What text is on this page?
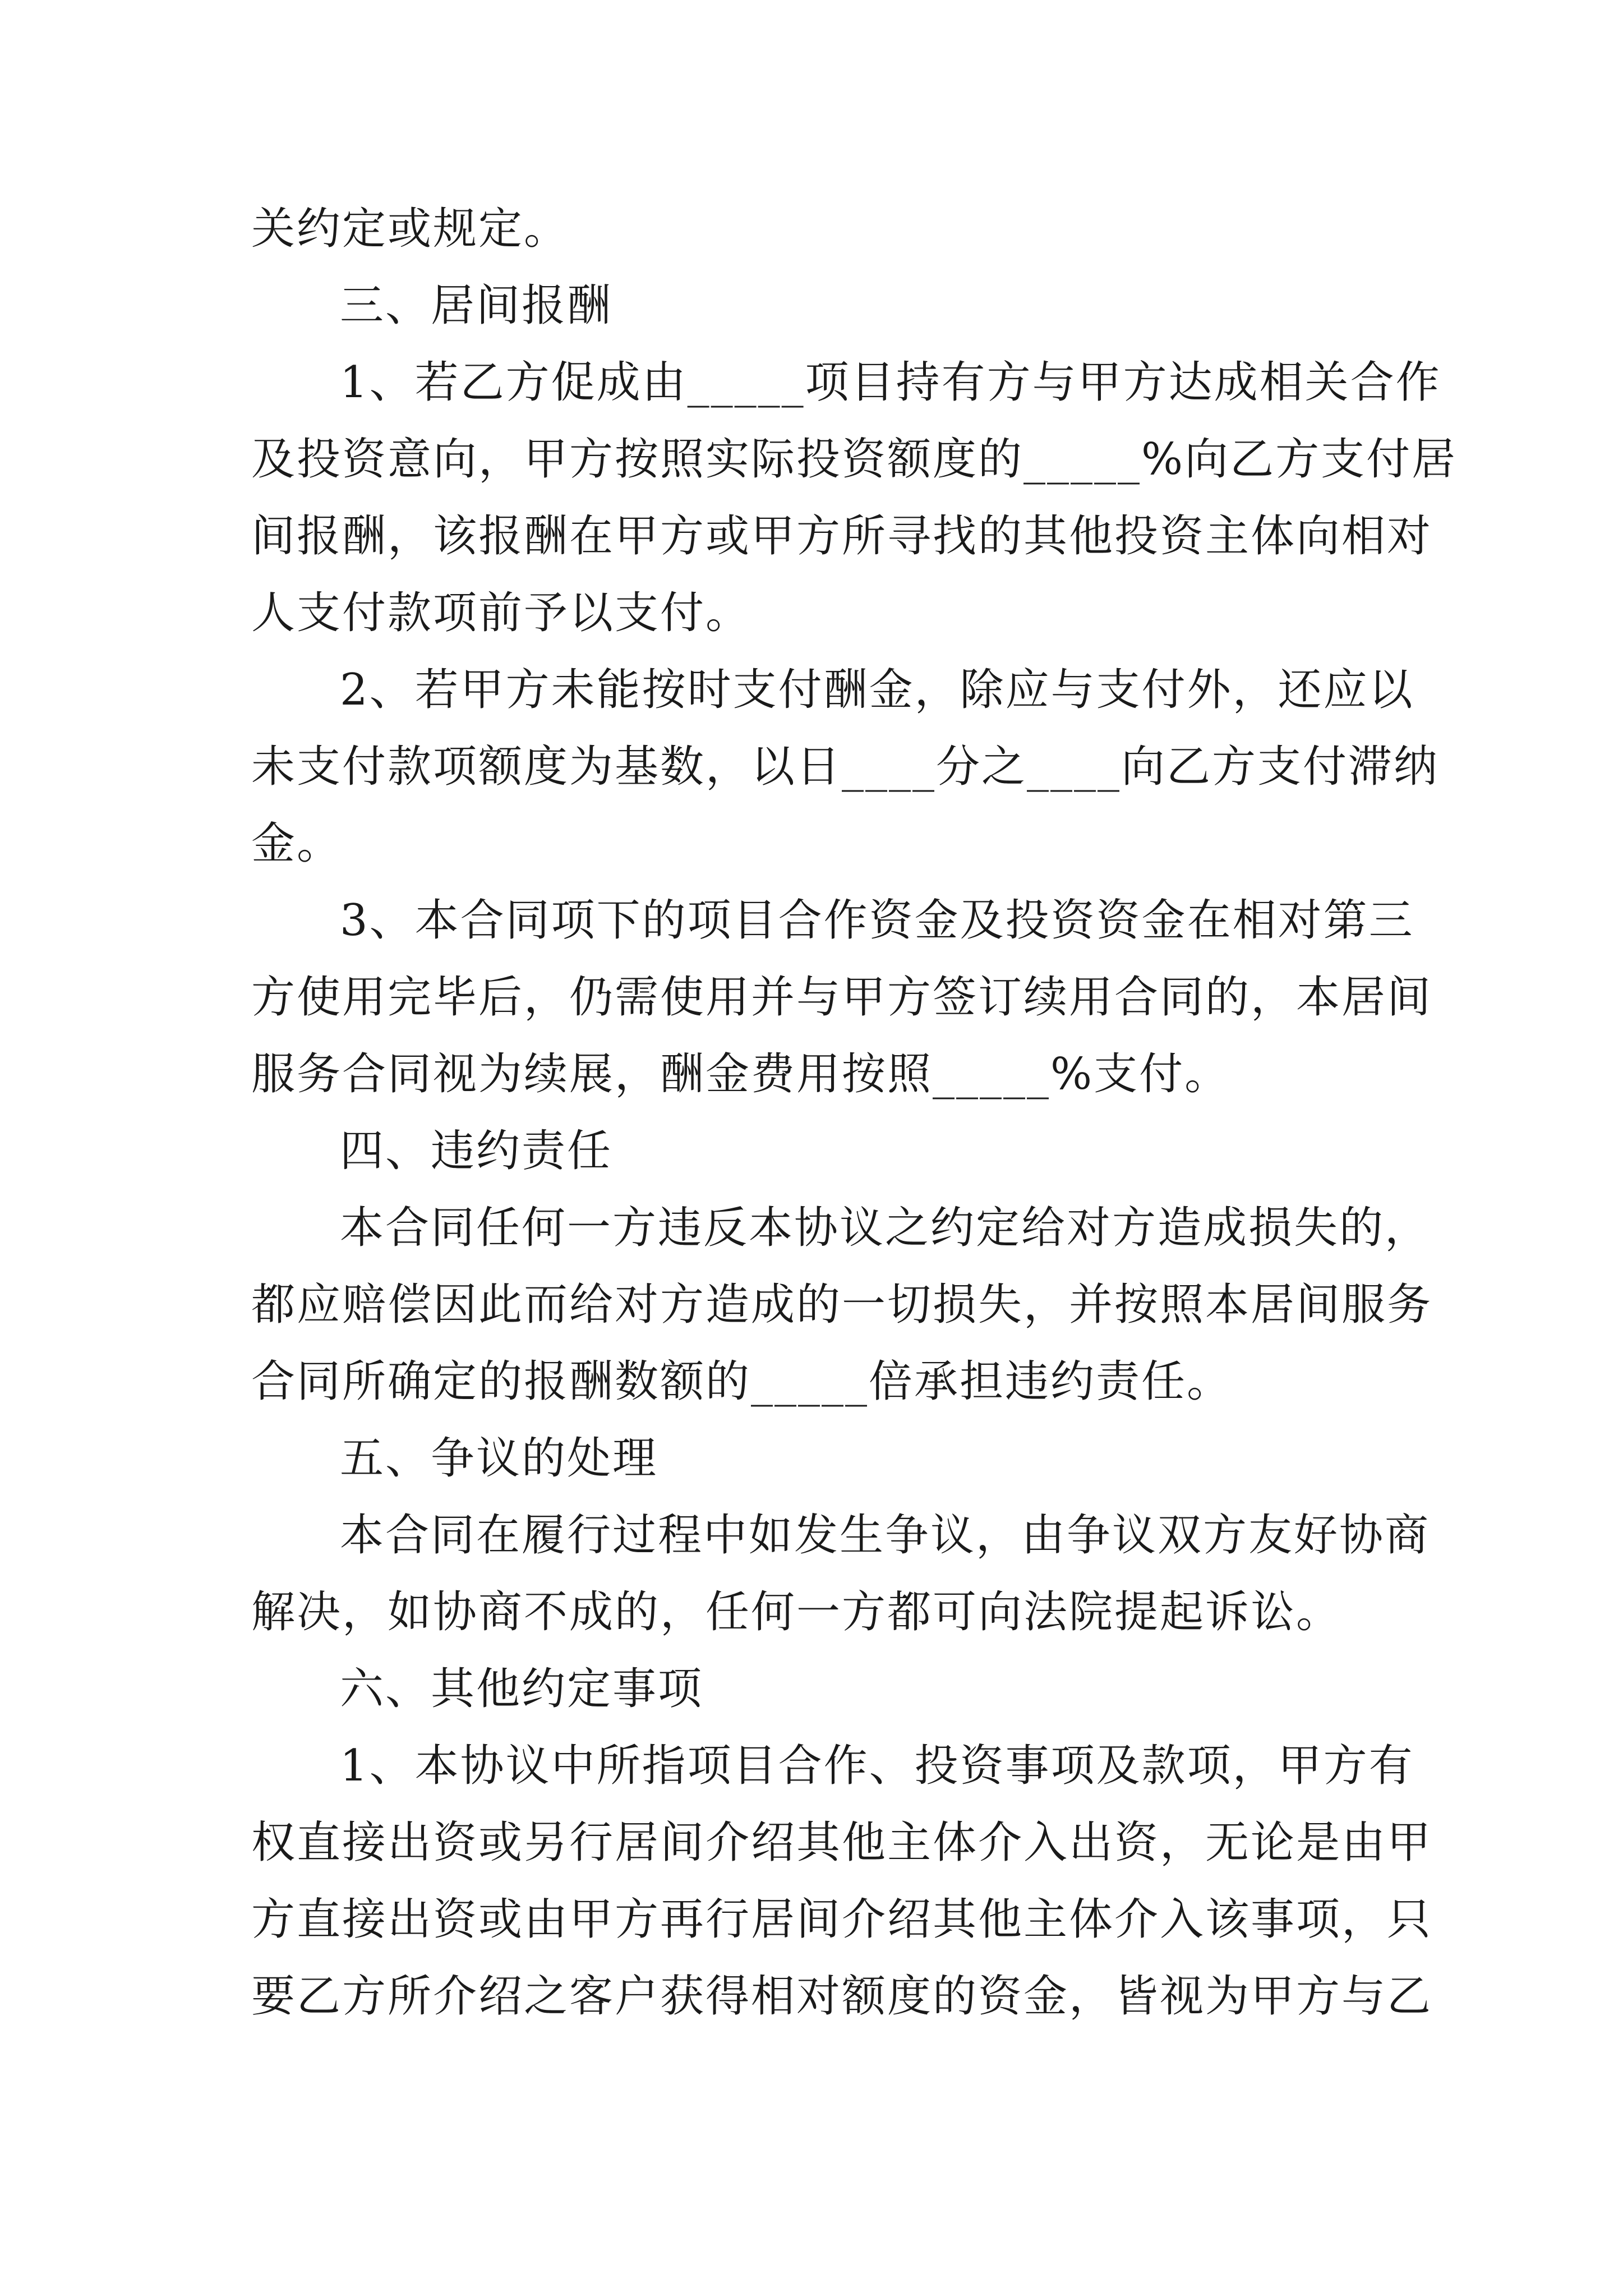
关约定或规定。
三、居间报酬
1、若乙方促成由_____项目持有方与甲方达成相关合作
及投资意向，甲方按照实际投资额度的_____%向乙方支付居
间报酬，该报酬在甲方或甲方所寻找的其他投资主体向相对
人支付款项前予以支付。
2、若甲方未能按时支付酬金，除应与支付外，还应以
未支付款项额度为基数，以日____分之____向乙方支付滞纳
金。
3、本合同项下的项目合作资金及投资资金在相对第三
方使用完毕后，仍需使用并与甲方签订续用合同的，本居间
服务合同视为续展，酬金费用按照_____%支付。
四、违约责任
本合同任何一方违反本协议之约定给对方造成损失的，
都应赔偿因此而给对方造成的一切损失，并按照本居间服务
合同所确定的报酬数额的_____倍承担违约责任。
五、争议的处理
本合同在履行过程中如发生争议，由争议双方友好协商
解决，如协商不成的，任何一方都可向法院提起诉讼。
六、其他约定事项
1、本协议中所指项目合作、投资事项及款项，甲方有
权直接出资或另行居间介绍其他主体介入出资，无论是由甲
方直接出资或由甲方再行居间介绍其他主体介入该事项，只
要乙方所介绍之客户获得相对额度的资金，皆视为甲方与乙
